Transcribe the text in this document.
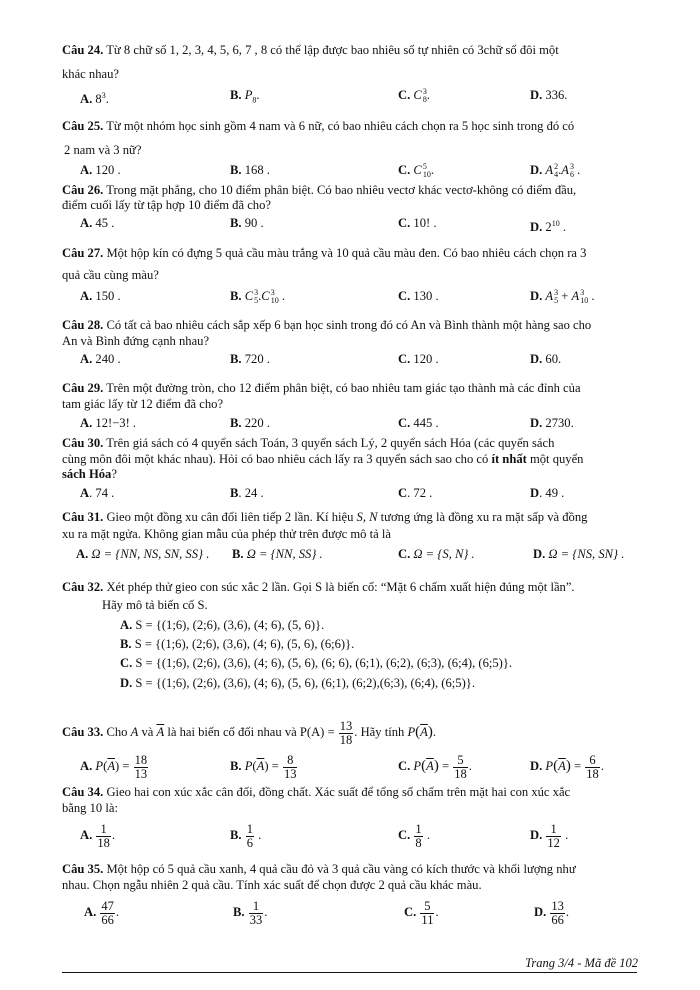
Câu 24. Từ 8 chữ số 1, 2, 3, 4, 5, 6, 7 , 8 có thể lập được bao nhiêu số tự nhiên có 3chữ số đôi một
khác nhau?
A. $8^3$.	B. $P_8$.	C. C 3
8 .	D. 336.
Câu 25. Từ một nhóm học sinh gồm 4 nam và 6 nữ, có bao nhiêu cách chọn ra 5 học sinh trong đó có
2 nam và 3 nữ?
A. 120 .	B. 168 .	C. C 5
10 .	D. A 2
4 .A 3
6 .
Câu 26. Trong mặt phẳng, cho 10 điểm phân biệt. Có bao nhiêu vectơ khác vectơ-không có điểm đầu,
điểm cuối lấy từ tập hợp 10 điểm đã cho?
A. 45 .	B. 90 .	C. 10! .	D. $2^{10}$ .
Câu 27. Một hộp kín có đựng 5 quả cầu màu trắng và 10 quả cầu màu đen. Có bao nhiêu cách chọn ra 3
quả cầu cùng màu?
A. 150 .	B. C 3
5 .C 3
10 .	C. 130 .	D. A 3
5 + A 3
10 .
Câu 28. Có tất cả bao nhiêu cách sắp xếp 6 bạn học sinh trong đó có An và Bình thành một hàng sao cho
An và Bình đứng cạnh nhau?
A. 240 .	B. 720 .	C. 120 .	D. 60.
Câu 29. Trên một đường tròn, cho 12 điểm phân biệt, có bao nhiêu tam giác tạo thành mà các đỉnh của
tam giác lấy từ 12 điểm đã cho?
A. 12!−3! .	B. 220 .	C. 445 .	D. 2730.
Câu 30. Trên giá sách có 4 quyển sách Toán, 3 quyển sách Lý, 2 quyển sách Hóa (các quyển sách
cùng môn đôi một khác nhau). Hỏi có bao nhiêu cách lấy ra 3 quyển sách sao cho có ít nhất một quyển
sách Hóa?
A. 74 .	B. 24 .	C. 72 .	D. 49 .
Câu 31. Gieo một đồng xu cân đối liên tiếp 2 lần. Kí hiệu S, N tương ứng là đồng xu ra mặt sấp và đồng
xu ra mặt ngửa. Không gian mẫu của phép thử trên được mô tả là
A. Ω = {NN, NS, SN, SS} . B. Ω = {NN, SS} .	C. Ω = {S, N} .	D. Ω = {NS, SN} .
Câu 32. Xét phép thử gieo con súc xắc 2 lần. Gọi S là biến cố: “Mặt 6 chấm xuất hiện đúng một lần”.
Hãy mô tả biến cố S.
A. S = {(1;6), (2;6), (3,6), (4; 6), (5, 6)}.
B. S = {(1;6), (2;6), (3,6), (4; 6), (5, 6), (6;6)}.
C. S = {(1;6), (2;6), (3,6), (4; 6), (5, 6), (6; 6), (6;1), (6;2), (6;3), (6;4), (6;5)}.
D. S = {(1;6), (2;6), (3,6), (4; 6), (5, 6), (6;1), (6;2),(6;3), (6;4), (6;5)}.
Câu 33. Cho A và $\overline{A}$ là hai biến cố đối nhau và $P(A) = \frac{13}{18}$ . Hãy tính $P(\overline{A})$.
A. $P(\overline{A}) = \frac{18}{13}$	B. $P(\overline{A}) = \frac{8}{13}$	C. $P(\overline{A}) = \frac{5}{18}$ .	D. $P(\overline{A}) = \frac{6}{18}$ .
Câu 34. Gieo hai con xúc xắc cân đối, đồng chất. Xác suất để tổng số chấm trên mặt hai con xúc xắc
bằng 10 là:
A. $\frac{1}{18}$ .	B. $\frac{1}{6}$ .	C. $\frac{1}{8}$ .	D. $\frac{1}{12}$ .
Câu 35. Một hộp có 5 quả cầu xanh, 4 quả cầu đỏ và 3 quả cầu vàng có kích thước và khối lượng như
nhau. Chọn ngẫu nhiên 2 quả cầu. Tính xác suất để chọn được 2 quả cầu khác màu.
A. $\frac{47}{66}$ .	B. $\frac{1}{33}$ .	C. $\frac{5}{11}$ .	D. $\frac{13}{66}$ .
Trang 3/4 - Mã đề 102
